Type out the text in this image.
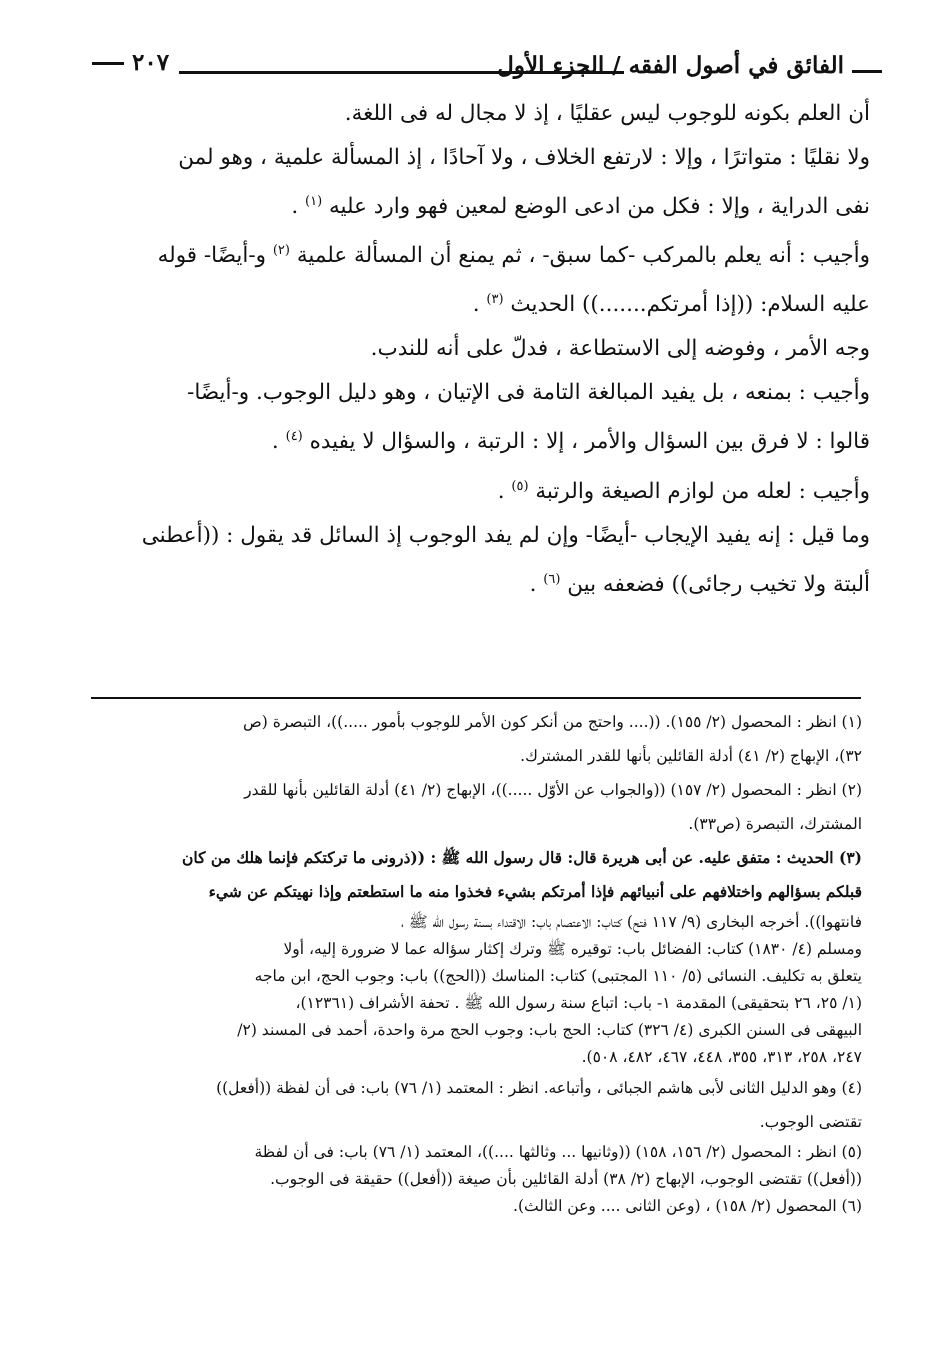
الفائق في أصول الفقه / الجزء الأول
٢٠٧

أن العلم بكونه للوجوب ليس عقليًا ، إذ لا مجال له فى اللغة.

ولا نقليًا : متواترًا ، وإلا : لارتفع الخلاف ، ولا آحادًا ، إذ المسألة علمية ، وهو لمن

نفى الدراية ، وإلا : فكل من ادعى الوضع لمعين فهو وارد عليه $^{(١)}$ .

وأجيب : أنه يعلم بالمركب -كما سبق- ، ثم يمنع أن المسألة علمية $^{(٢)}$ و-أيضًا- قوله

عليه السلام: ((إذا أمرتكم.......)) الحديث $^{(٣)}$ .

وجه الأمر ، وفوضه إلى الاستطاعة ، فدلّ على أنه للندب.

وأجيب : بمنعه ، بل يفيد المبالغة التامة فى الإتيان ، وهو دليل الوجوب. و-أيضًا-

قالوا : لا فرق بين السؤال والأمر ، إلا : الرتبة ، والسؤال لا يفيده $^{(٤)}$ .

وأجيب : لعله من لوازم الصيغة والرتبة $^{(٥)}$ .

وما قيل : إنه يفيد الإيجاب -أيضًا- وإن لم يفد الوجوب إذ السائل قد يقول : ((أعطنى

ألبتة ولا تخيب رجائى)) فضعفه بين $^{(٦)}$ .

(١) انظر : المحصول (٢/ ١٥٥). ((.... واحتج من أنكر كون الأمر للوجوب بأمور .....))، التبصرة (ص

٣٢)، الإبهاج (٢/ ٤١) أدلة القائلين بأنها للقدر المشترك.

(٢) انظر : المحصول (٢/ ١٥٧) ((والجواب عن الأوّل .....))، الإبهاج (٢/ ٤١) أدلة القائلين بأنها للقدر

المشترك، التبصرة (ص٣٣).

(٣) الحديث : متفق عليه. عن أبى هريرة قال: قال رسول الله ﷺ : ((ذرونى ما تركتكم فإنما هلك من كان

قبلكم بسؤالهم واختلافهم على أنبيائهم فإذا أمرتكم بشيء فخذوا منه ما استطعتم وإذا نهيتكم عن شيء

فانتهوا)). أخرجه البخارى (٩/ ١١٧ فتح) كتاب: الاعتصام باب: الاقتداء بسنة رسول الله ﷺ ،

ومسلم (٤/ ١٨٣٠) كتاب: الفضائل باب: توقيره ﷺ وترك إكثار سؤاله عما لا ضرورة إليه، أولا

يتعلق به تكليف. النسائى (٥/ ١١٠ المجتبى) كتاب: المناسك ((الحج)) باب: وجوب الحج، ابن ماجه

(١/ ٢٥، ٢٦ بتحقيقى) المقدمة ١- باب: اتباع سنة رسول الله ﷺ . تحفة الأشراف (١٢٣٦١)،

البيهقى فى السنن الكبرى (٤/ ٣٢٦) كتاب: الحج باب: وجوب الحج مرة واحدة، أحمد فى المسند (٢/

٢٤٧، ٢٥٨، ٣١٣، ٣٥٥، ٤٤٨، ٤٦٧، ٤٨٢، ٥٠٨).

(٤) وهو الدليل الثانى لأبى هاشم الجبائى ، وأتباعه. انظر : المعتمد (١/ ٧٦) باب: فى أن لفظة ((أفعل))

تقتضى الوجوب.

(٥) انظر : المحصول (٢/ ١٥٦، ١٥٨) ((وثانيها ... وثالثها ....))، المعتمد (١/ ٧٦) باب: فى أن لفظة

((أفعل)) تقتضى الوجوب، الإبهاج (٢/ ٣٨) أدلة القائلين بأن صيغة ((أفعل)) حقيقة فى الوجوب.

(٦) المحصول (٢/ ١٥٨) ، (وعن الثانى .... وعن الثالث).
